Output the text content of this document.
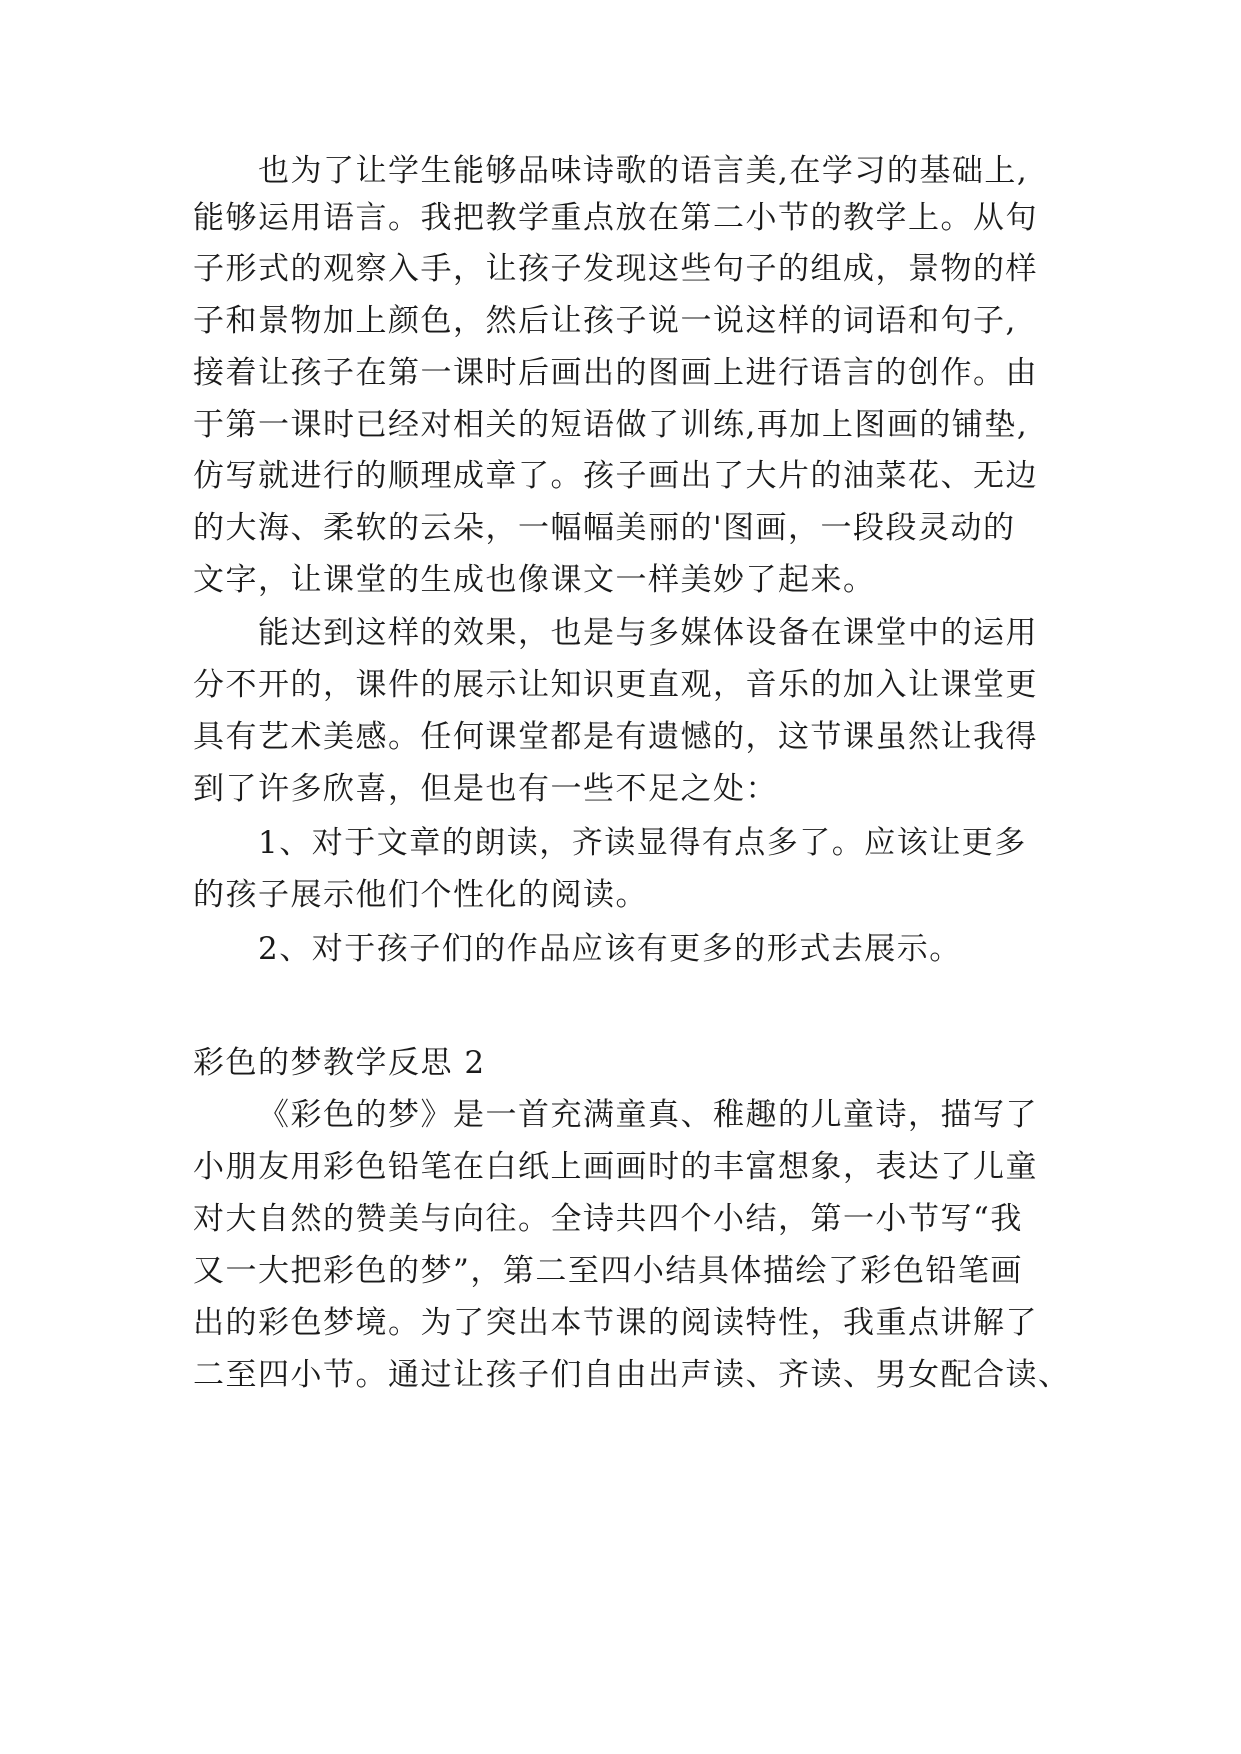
也为了让学生能够品味诗歌的语言美,在学习的基础上,
能够运用语言。我把教学重点放在第二小节的教学上。从句
子形式的观察入手，让孩子发现这些句子的组成，景物的样
子和景物加上颜色，然后让孩子说一说这样的词语和句子,
接着让孩子在第一课时后画出的图画上进行语言的创作。由
于第一课时已经对相关的短语做了训练,再加上图画的铺垫,
仿写就进行的顺理成章了。孩子画出了大片的油菜花、无边
的大海、柔软的云朵，一幅幅美丽的'图画，一段段灵动的
文字，让课堂的生成也像课文一样美妙了起来。
能达到这样的效果，也是与多媒体设备在课堂中的运用
分不开的，课件的展示让知识更直观，音乐的加入让课堂更
具有艺术美感。任何课堂都是有遗憾的，这节课虽然让我得
到了许多欣喜，但是也有一些不足之处：
1、对于文章的朗读，齐读显得有点多了。应该让更多
的孩子展示他们个性化的阅读。
2、对于孩子们的作品应该有更多的形式去展示。
彩色的梦教学反思 2
《彩色的梦》是一首充满童真、稚趣的儿童诗，描写了
小朋友用彩色铅笔在白纸上画画时的丰富想象，表达了儿童
对大自然的赞美与向往。全诗共四个小结，第一小节写“我
又一大把彩色的梦”，第二至四小结具体描绘了彩色铅笔画
出的彩色梦境。为了突出本节课的阅读特性，我重点讲解了
二至四小节。通过让孩子们自由出声读、齐读、男女配合读、
